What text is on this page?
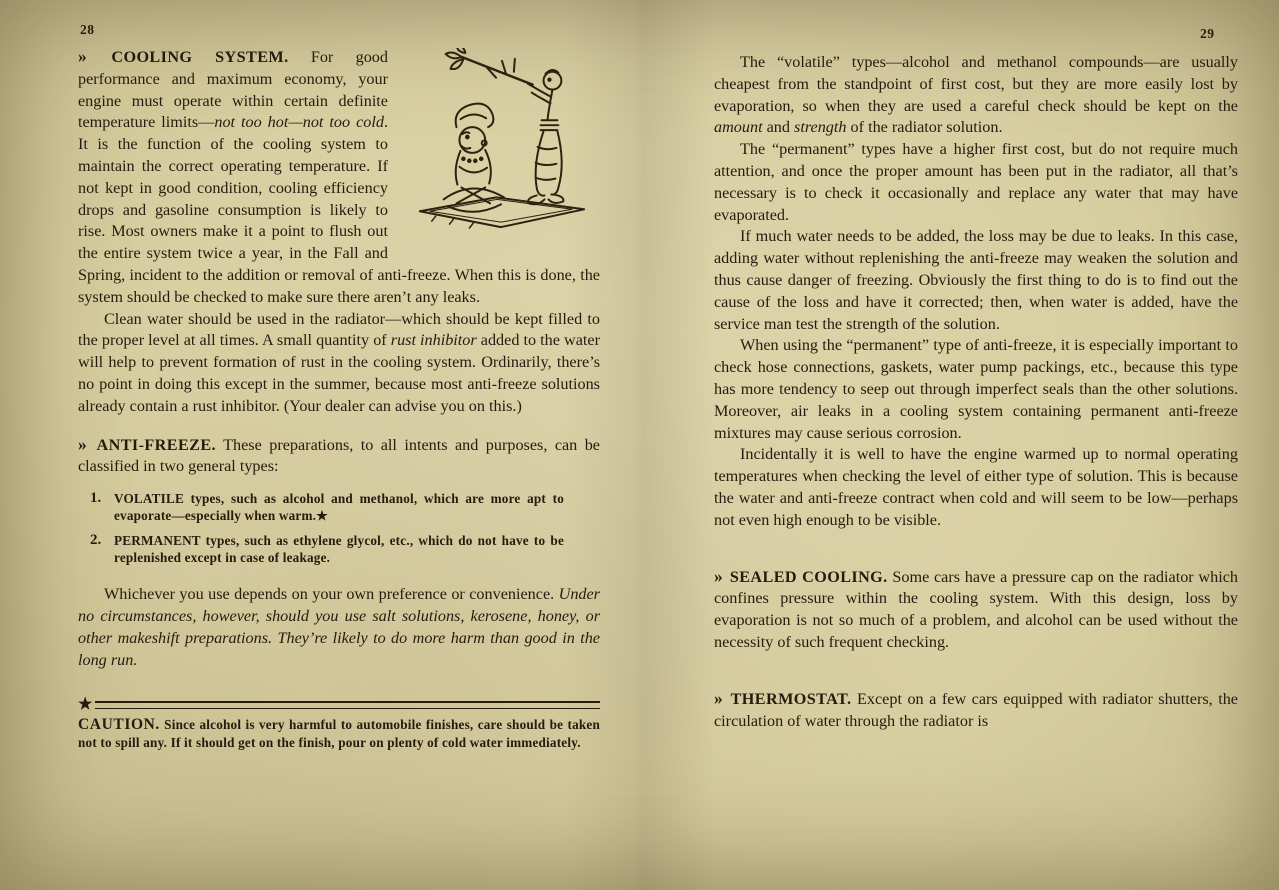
28	29

» COOLING SYSTEM. For good performance and maximum economy, your engine must operate within certain definite temperature limits—not too hot—not too cold. It is the function of the cooling system to maintain the correct operating temperature. If not kept in good condition, cooling efficiency drops and gasoline consumption is likely to rise. Most owners make it a point to flush out the entire system twice a year, in the Fall and Spring, incident to the addition or removal of anti-freeze. When this is done, the system should be checked to make sure there aren’t any leaks.

Clean water should be used in the radiator—which should be kept filled to the proper level at all times. A small quantity of rust inhibitor added to the water will help to prevent formation of rust in the cooling system. Ordinarily, there’s no point in doing this except in the summer, because most anti-freeze solutions already contain a rust inhibitor. (Your dealer can advise you on this.)

» ANTI-FREEZE. These preparations, to all intents and purposes, can be classified in two general types:

1. VOLATILE types, such as alcohol and methanol, which are more apt to evaporate—especially when warm.★
2. PERMANENT types, such as ethylene glycol, etc., which do not have to be replenished except in case of leakage.

Whichever you use depends on your own preference or convenience. Under no circumstances, however, should you use salt solutions, kerosene, honey, or other makeshift preparations. They’re likely to do more harm than good in the long run.

★

CAUTION. Since alcohol is very harmful to automobile finishes, care should be taken not to spill any. If it should get on the finish, pour on plenty of cold water immediately.

The “volatile” types—alcohol and methanol compounds—are usually cheapest from the standpoint of first cost, but they are more easily lost by evaporation, so when they are used a careful check should be kept on the amount and strength of the radiator solution.

The “permanent” types have a higher first cost, but do not require much attention, and once the proper amount has been put in the radiator, all that’s necessary is to check it occasionally and replace any water that may have evaporated.

If much water needs to be added, the loss may be due to leaks. In this case, adding water without replenishing the anti-freeze may weaken the solution and thus cause danger of freezing. Obviously the first thing to do is to find out the cause of the loss and have it corrected; then, when water is added, have the service man test the strength of the solution.

When using the “permanent” type of anti-freeze, it is especially important to check hose connections, gaskets, water pump packings, etc., because this type has more tendency to seep out through imperfect seals than the other solutions. Moreover, air leaks in a cooling system containing permanent anti-freeze mixtures may cause serious corrosion.

Incidentally it is well to have the engine warmed up to normal operating temperatures when checking the level of either type of solution. This is because the water and anti-freeze contract when cold and will seem to be low—perhaps not even high enough to be visible.

» SEALED COOLING. Some cars have a pressure cap on the radiator which confines pressure within the cooling system. With this design, loss by evaporation is not so much of a problem, and alcohol can be used without the necessity of such frequent checking.

» THERMOSTAT. Except on a few cars equipped with radiator shutters, the circulation of water through the radiator is
